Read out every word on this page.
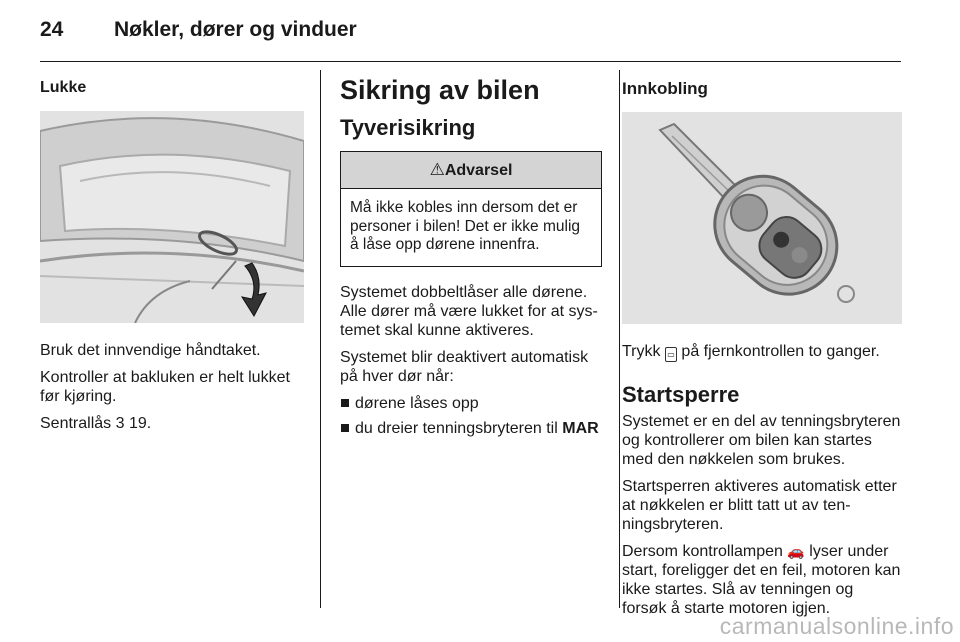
24 Nøkler, dører og vinduer
Lukke

Bruk det innvendige håndtaket.

Kontroller at bakluken er helt lukket før kjøring.

Sentrallås 3 19.

Sikring av bilen
Tyverisikring
⚠Advarsel
Må ikke kobles inn dersom det er personer i bilen! Det er ikke mulig å låse opp dørene innenfra.

Systemet dobbeltlåser alle dørene. Alle dører må være lukket for at systemet skal kunne aktiveres.

Systemet blir deaktivert automatisk på hver dør når:

dørene låses opp

du dreier tenningsbryteren til MAR

Innkobling

Trykk ▭ på fjernkontrollen to ganger.

Startsperre

Systemet er en del av tenningsbryteren og kontrollerer om bilen kan startes med den nøkkelen som brukes.

Startsperren aktiveres automatisk etter at nøkkelen er blitt tatt ut av tenningsbryteren.

Dersom kontrollampen 🚗 lyser under start, foreligger det en feil, motoren kan ikke startes. Slå av tenningen og forsøk å starte motoren igjen.

carmanualsonline.info
